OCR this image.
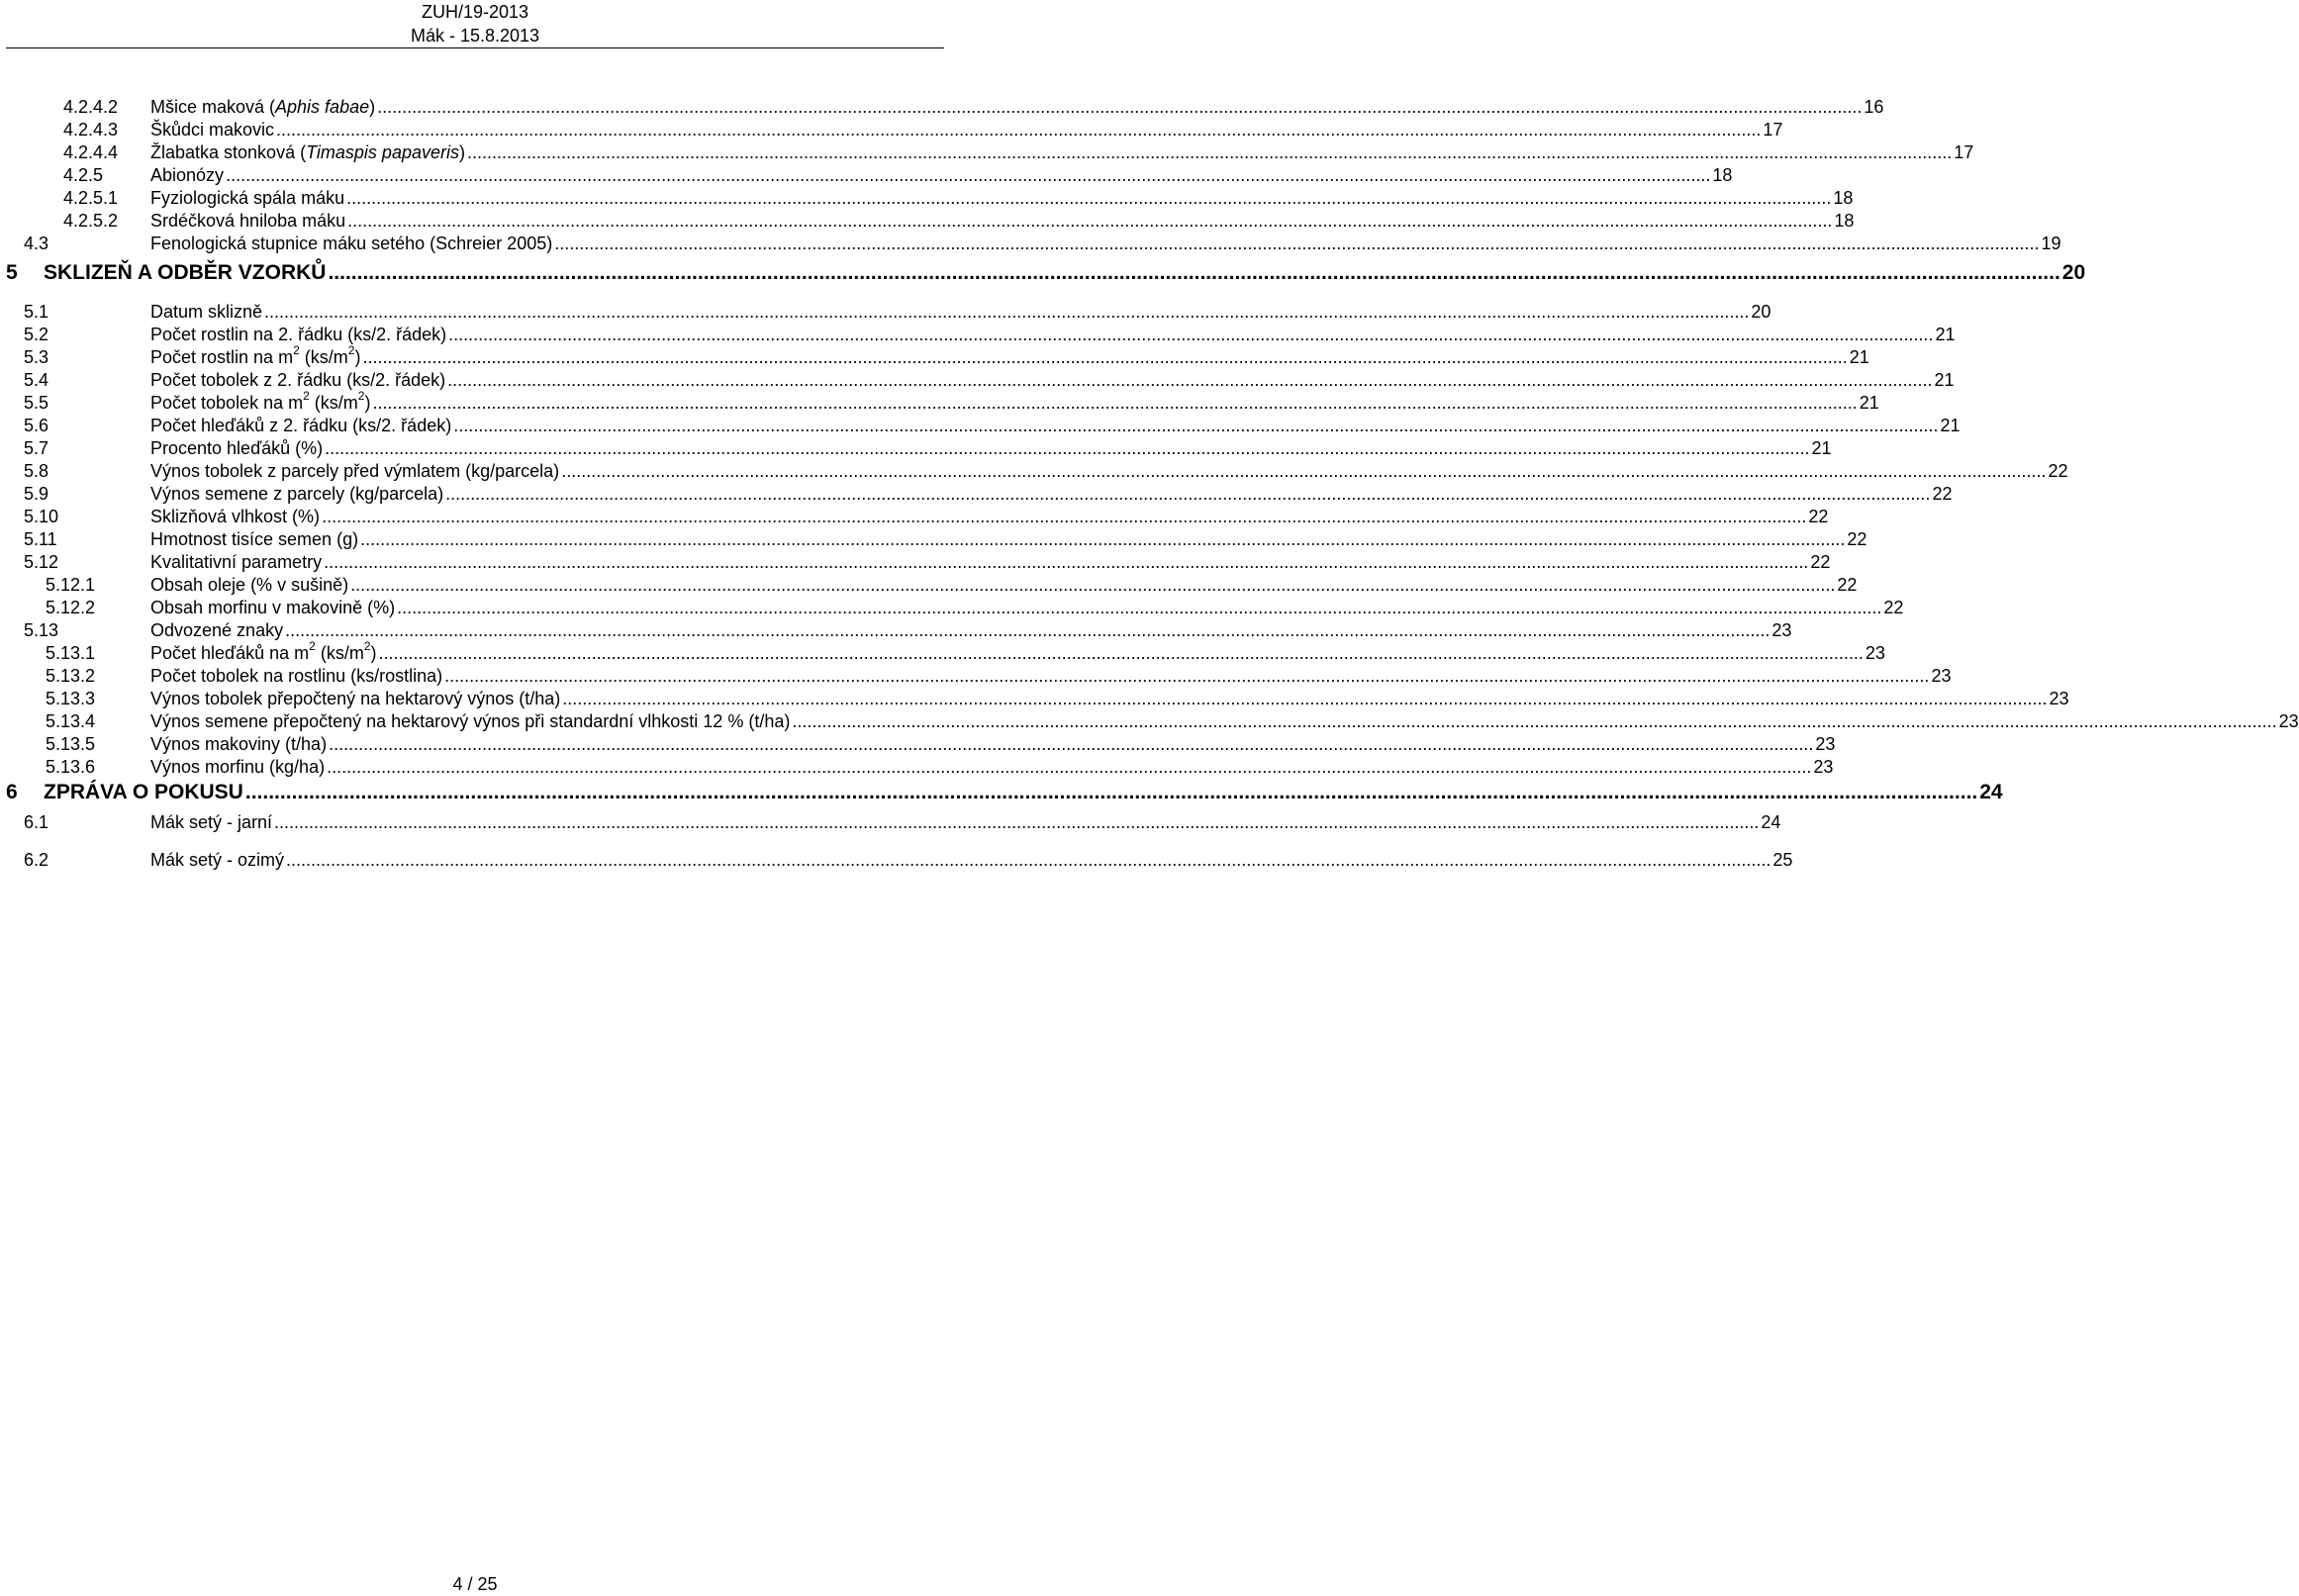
ZUH/19-2013
Mák - 15.8.2013
4.2.4.2 Mšice maková (Aphis fabae) ............................................................................................................................................................................................................................................................................................................ 16
4.2.4.3 Škůdci makovic ............................................................................................................................................................................................................................................................................................................ 17
4.2.4.4 Žlabatka stonková (Timaspis papaveris) ............................................................................................................................................................................................................................................................................................................ 17
4.2.5	Abionózy ............................................................................................................................................................................................................................................................................................................ 18
4.2.5.1 Fyziologická spála máku ............................................................................................................................................................................................................................................................................................................ 18
4.2.5.2 Srdéčková hniloba máku ............................................................................................................................................................................................................................................................................................................ 18
4.3	Fenologická stupnice máku setého (Schreier 2005) ............................................................................................................................................................................................................................................................................................................ 19
5 SKLIZEŇ A ODBĚR VZORKŮ ............................................................................................................................................................................................................................................................................................................ 20
5.1	Datum sklizně ............................................................................................................................................................................................................................................................................................................ 20
5.2	Počet rostlin na 2. řádku (ks/2. řádek) ............................................................................................................................................................................................................................................................................................................ 21
5.3	Počet rostlin na $m^2$ $(ks/m^2)$ ............................................................................................................................................................................................................................................................................................................ 21
5.4	Počet tobolek z 2. řádku (ks/2. řádek) ............................................................................................................................................................................................................................................................................................................ 21
5.5	Počet tobolek na $m^2$ $(ks/m^2)$ ............................................................................................................................................................................................................................................................................................................ 21
5.6	Počet hleďáků z 2. řádku (ks/2. řádek) ............................................................................................................................................................................................................................................................................................................ 21
5.7	Procento hleďáků (%) ............................................................................................................................................................................................................................................................................................................ 21
5.8	Výnos tobolek z parcely před výmlatem (kg/parcela) ............................................................................................................................................................................................................................................................................................................ 22
5.9	Výnos semene z parcely (kg/parcela) ............................................................................................................................................................................................................................................................................................................ 22
5.10	Sklizňová vlhkost (%) ............................................................................................................................................................................................................................................................................................................ 22
5.11	Hmotnost tisíce semen (g) ............................................................................................................................................................................................................................................................................................................ 22
5.12	Kvalitativní parametry ............................................................................................................................................................................................................................................................................................................ 22
5.12.1	Obsah oleje (% v sušině) ............................................................................................................................................................................................................................................................................................................ 22
5.12.2	Obsah morfinu v makovině (%) ............................................................................................................................................................................................................................................................................................................ 22
5.13	Odvozené znaky ............................................................................................................................................................................................................................................................................................................ 23
5.13.1	Počet hleďáků na $m^2$ $(ks/m^2)$ ............................................................................................................................................................................................................................................................................................................ 23
5.13.2	Počet tobolek na rostlinu (ks/rostlina) ............................................................................................................................................................................................................................................................................................................ 23
5.13.3	Výnos tobolek přepočtený na hektarový výnos (t/ha) ............................................................................................................................................................................................................................................................................................................ 23
5.13.4	Výnos semene přepočtený na hektarový výnos při standardní vlhkosti 12 % (t/ha) ............................................................................................................................................................................................................................................................................................................ 23
5.13.5	Výnos makoviny (t/ha) ............................................................................................................................................................................................................................................................................................................ 23
5.13.6	Výnos morfinu (kg/ha) ............................................................................................................................................................................................................................................................................................................ 23
6 ZPRÁVA O POKUSU ............................................................................................................................................................................................................................................................................................................ 24
6.1	Mák setý - jarní ............................................................................................................................................................................................................................................................................................................ 24
6.2	Mák setý - ozimý ............................................................................................................................................................................................................................................................................................................ 25
4 / 25
